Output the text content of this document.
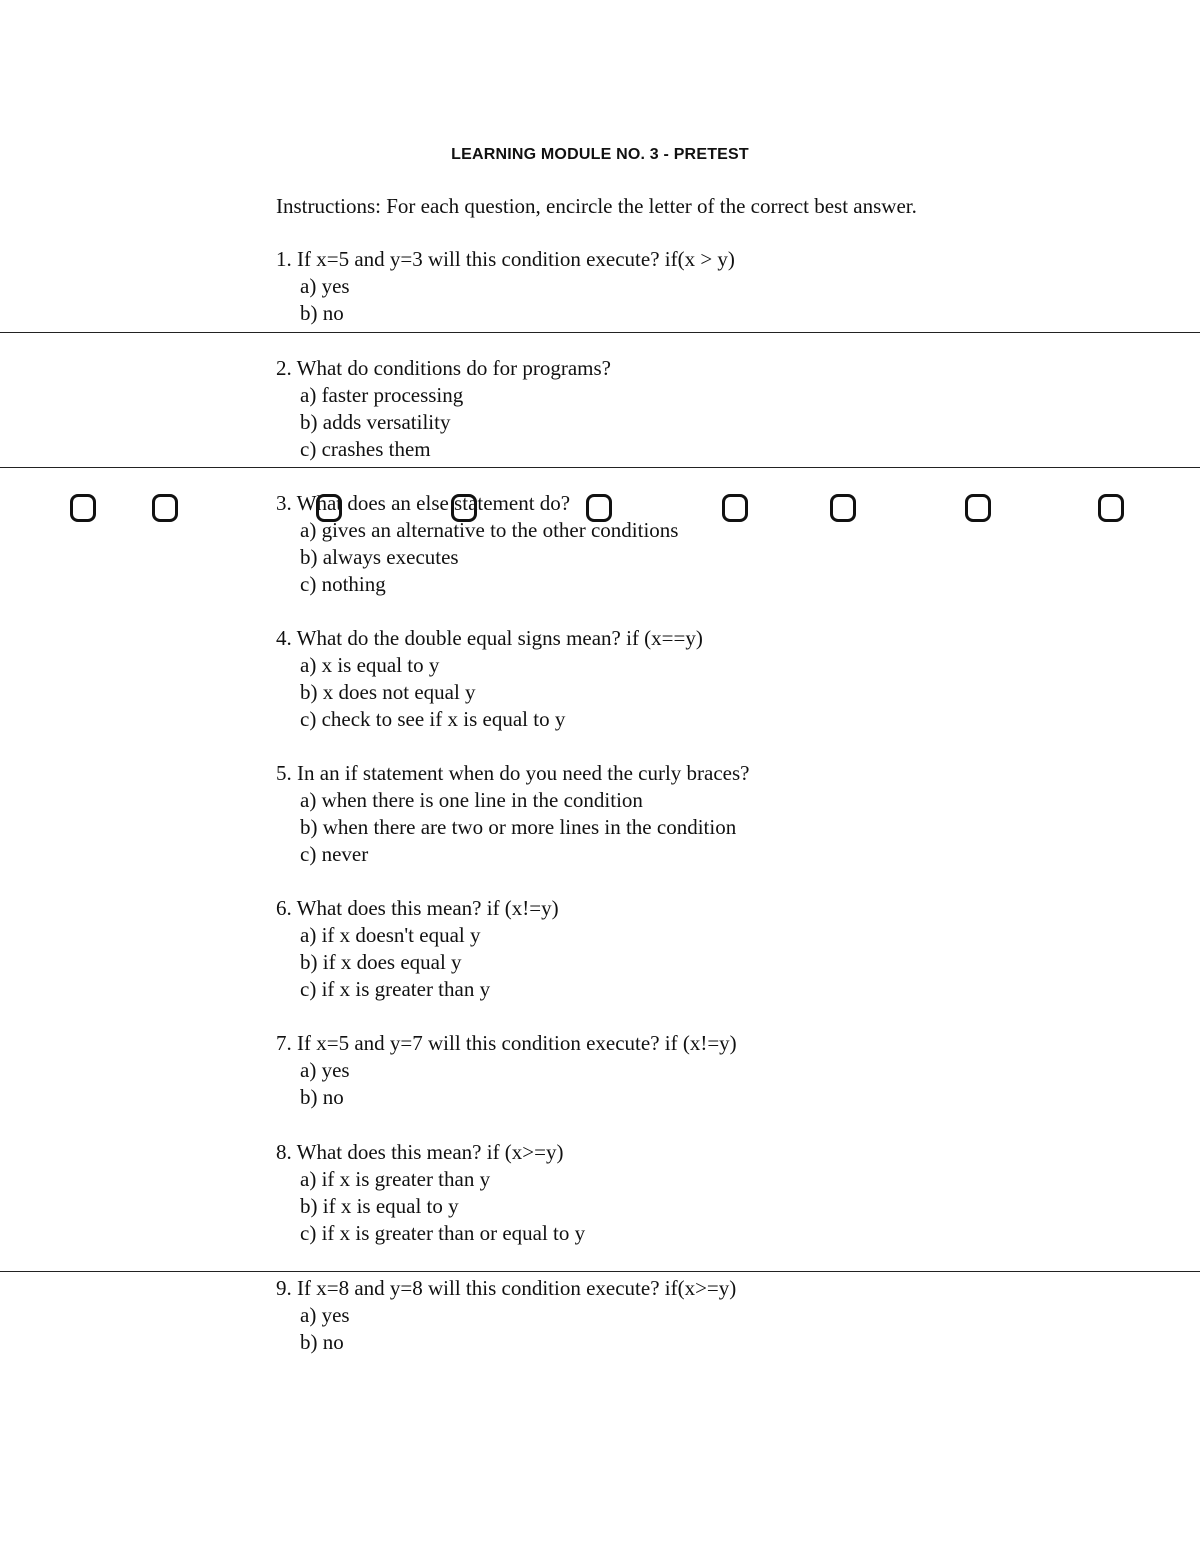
LEARNING MODULE NO. 3 - PRETEST
Instructions: For each question, encircle the letter of the correct best answer.
1. If x=5 and y=3 will this condition execute? if(x > y)
a) yes
b) no
2. What do conditions do for programs?
a) faster processing
b) adds versatility
c) crashes them
3. What does an else statement do?
a) gives an alternative to the other conditions
b) always executes
c) nothing
4. What do the double equal signs mean? if (x==y)
a) x is equal to y
b) x does not equal y
c) check to see if x is equal to y
5. In an if statement when do you need the curly braces?
a) when there is one line in the condition
b) when there are two or more lines in the condition
c) never
6. What does this mean? if (x!=y)
a) if x doesn't equal y
b) if x does equal y
c) if x is greater than y
7. If x=5 and y=7 will this condition execute? if (x!=y)
a) yes
b) no
8. What does this mean? if (x>=y)
a) if x is greater than y
b) if x is equal to y
c) if x is greater than or equal to y
9. If x=8 and y=8 will this condition execute? if(x>=y)
a) yes
b) no
